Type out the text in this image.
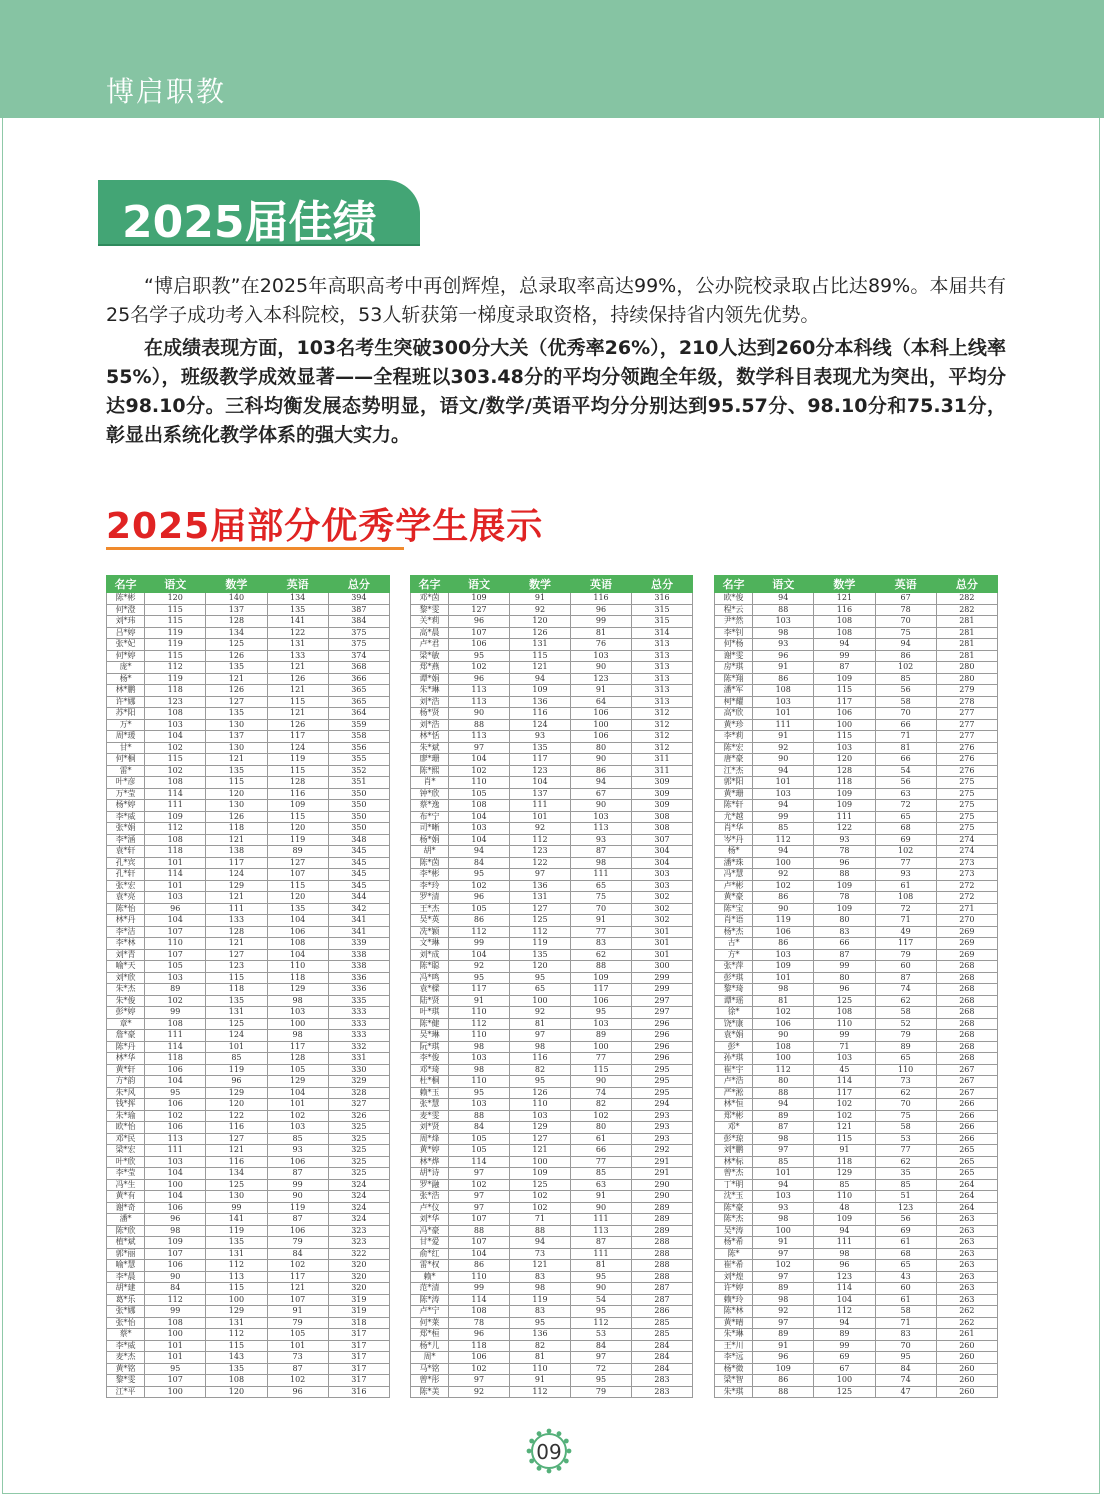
博启职教
2025届佳绩

“博启职教”在2025年高职高考中再创辉煌，总录取率高达99%，公办院校录取占比达89%。本届共有25名学子成功考入本科院校，53人斩获第一梯度录取资格，持续保持省内领先优势。

在成绩表现方面，103名考生突破300分大关（优秀率26%），210人达到260分本科线（本科上线率55%），班级教学成效显著——全程班以303.48分的平均分领跑全年级，数学科目表现尤为突出，平均分达98.10分。三科均衡发展态势明显，语文/数学/英语平均分分别达到95.57分、98.10分和75.31分，彰显出系统化教学体系的强大实力。

2025届部分优秀学生展示
名字	语文	数学	英语	总分
陈*彬	120	140	134	394
何*澄	115	137	135	387
刘*玮	115	128	141	384
吕*婷	119	134	122	375
张*妃	119	125	131	375
何*婷	115	126	133	374
庞*	112	135	121	368
杨*	119	121	126	366
林*鹏	118	126	121	365
许*娜	123	127	115	365
苏*阳	108	135	121	364
万*	103	130	126	359
周*瑗	104	137	117	358
甘*	102	130	124	356
何*桐	115	121	119	355
雷*	102	135	115	352
叶*彦	108	115	128	351
万*莹	114	120	116	350
杨*婷	111	130	109	350
李*威	109	126	115	350
张*娟	112	118	120	350
李*涵	108	121	119	348
袁*轩	118	138	89	345
孔*宾	101	117	127	345
孔*轩	114	124	107	345
张*宏	101	129	115	345
袁*亮	103	121	120	344
陈*怡	96	111	135	342
林*丹	104	133	104	341
李*洁	107	128	106	341
李*林	110	121	108	339
刘*青	107	127	104	338
喻*天	105	123	110	338
刘*欣	103	115	118	336
朱*杰	89	118	129	336
朱*俊	102	135	98	335
彭*婷	99	131	103	333
章*	108	125	100	333
詹*豪	111	124	98	333
陈*丹	114	101	117	332
林*华	118	85	128	331
黄*轩	106	119	105	330
方*韵	104	96	129	329
朱*风	95	129	104	328
钱*挥	106	120	101	327
朱*瑜	102	122	102	326
欧*怡	106	116	103	325
邓*民	113	127	85	325
梁*宏	111	121	93	325
叶*欣	103	116	106	325
李*莹	104	134	87	325
冯*生	100	125	99	324
黄*有	104	130	90	324
谢*奇	106	99	119	324
潘*	96	141	87	324
陈*欣	98	119	106	323
植*斌	109	135	79	323
郭*丽	107	131	84	322
喻*慧	106	112	102	320
李*晨	90	113	117	320
胡*建	84	115	121	320
葛*乐	112	100	107	319
张*娜	99	129	91	319
张*怡	108	131	79	318
蔡*	100	112	105	317
李*威	101	115	101	317
麦*杰	101	143	73	317
黄*铭	95	135	87	317
黎*雯	107	108	102	317
江*平	100	120	96	316
名字	语文	数学	英语	总分
邓*茵	109	91	116	316
黎*雯	127	92	96	315
关*莉	96	120	99	315
高*晨	107	126	81	314
卢*君	106	131	76	313
梁*敏	95	115	103	313
郑*燕	102	121	90	313
谭*娟	96	94	123	313
朱*琳	113	109	91	313
刘*浩	113	136	64	313
杨*贤	90	116	106	312
刘*浩	88	124	100	312
林*恬	113	93	106	312
朱*斌	97	135	80	312
廖*珊	104	117	90	311
陈*熙	102	123	86	311
肖*	110	104	94	309
钟*欣	105	137	67	309
蔡*逸	108	111	90	309
布*宁	104	101	103	308
司*晰	103	92	113	308
杨*娟	104	112	93	307
胡*	94	123	87	304
陈*茵	84	122	98	304
李*彬	95	97	111	303
李*玲	102	136	65	303
罗*清	96	131	75	302
王*杰	105	127	70	302
吴*英	86	125	91	302
冼*颖	112	112	77	301
文*琳	99	119	83	301
刘*成	104	135	62	301
陈*聪	92	120	88	300
冯*鸣	95	95	109	299
袁*樑	117	65	117	299
陆*贤	91	100	106	297
叶*琪	110	92	95	297
陈*健	112	81	103	296
吴*琳	110	97	89	296
阮*琪	98	98	100	296
李*俊	103	116	77	296
邓*琦	98	82	115	295
杜*桐	110	95	90	295
赖*玉	95	126	74	295
张*慧	103	110	82	294
麦*雯	88	103	102	293
刘*贤	84	129	80	293
周*烽	105	127	61	293
黄*婷	105	121	66	292
林*烨	114	100	77	291
胡*诗	97	109	85	291
罗*融	102	125	63	290
张*浩	97	102	91	290
卢*仪	97	102	90	289
刘*华	107	71	111	289
冯*豪	88	88	113	289
甘*爱	107	94	87	288
俞*红	104	73	111	288
雷*权	86	121	81	288
赖*	110	83	95	288
范*清	99	98	90	287
陈*涛	114	119	54	287
卢*宁	108	83	95	286
何*莱	78	95	112	285
郑*桓	96	136	53	285
杨*儿	118	82	84	284
周*	106	81	97	284
马*铭	102	110	72	284
曾*彤	97	91	95	283
陈*美	92	112	79	283
名字	语文	数学	英语	总分
欧*俊	94	121	67	282
程*云	88	116	78	282
尹*然	103	108	70	281
李*钊	98	108	75	281
何*杨	93	94	94	281
谢*雯	96	99	86	281
房*琪	91	87	102	280
陈*翔	86	109	85	280
潘*军	108	115	56	279
柯*耀	103	117	58	278
高*欣	101	106	70	277
黄*珍	111	100	66	277
李*莉	91	115	71	277
陈*宏	92	103	81	276
唐*豪	90	120	66	276
江*杰	94	128	54	276
郭*阳	101	118	56	275
黄*珊	103	109	63	275
陈*轩	94	109	72	275
尤*越	99	111	65	275
肖*华	85	122	68	275
岑*丹	112	93	69	274
杨*	94	78	102	274
潘*珠	100	96	77	273
冯*慧	92	88	93	273
卢*彬	102	109	61	272
黄*豪	86	78	108	272
陈*宝	90	109	72	271
肖*语	119	80	71	270
杨*杰	106	83	49	269
古*	86	66	117	269
方*	103	87	79	269
张*萍	109	99	60	268
彭*琪	101	80	87	268
黎*琦	98	96	74	268
谭*瑶	81	125	62	268
徐*	102	108	58	268
饶*康	106	110	52	268
袁*娟	90	99	79	268
彭*	108	71	89	268
孙*琪	100	103	65	268
崔*宇	112	45	110	267
卢*浩	80	114	73	267
严*淞	88	117	62	267
林*恒	94	102	70	266
郑*彬	89	102	75	266
邓*	87	121	58	266
彭*琼	98	115	53	266
刘*鹏	97	91	77	265
林*标	85	118	62	265
曾*杰	101	129	35	265
丁*明	94	85	85	264
沈*玉	103	110	51	264
陈*豪	93	48	123	264
陈*杰	98	109	56	263
吴*涛	100	94	69	263
杨*希	91	111	61	263
陈*	97	98	68	263
崔*希	102	96	65	263
刘*煌	97	123	43	263
许*婷	89	114	60	263
赖*玲	98	104	61	263
陈*林	92	112	58	262
黄*晴	97	94	71	262
朱*琳	89	89	83	261
王*川	91	99	70	260
李*远	96	69	95	260
杨*微	109	67	84	260
梁*智	86	100	74	260
朱*琪	88	125	47	260
09
